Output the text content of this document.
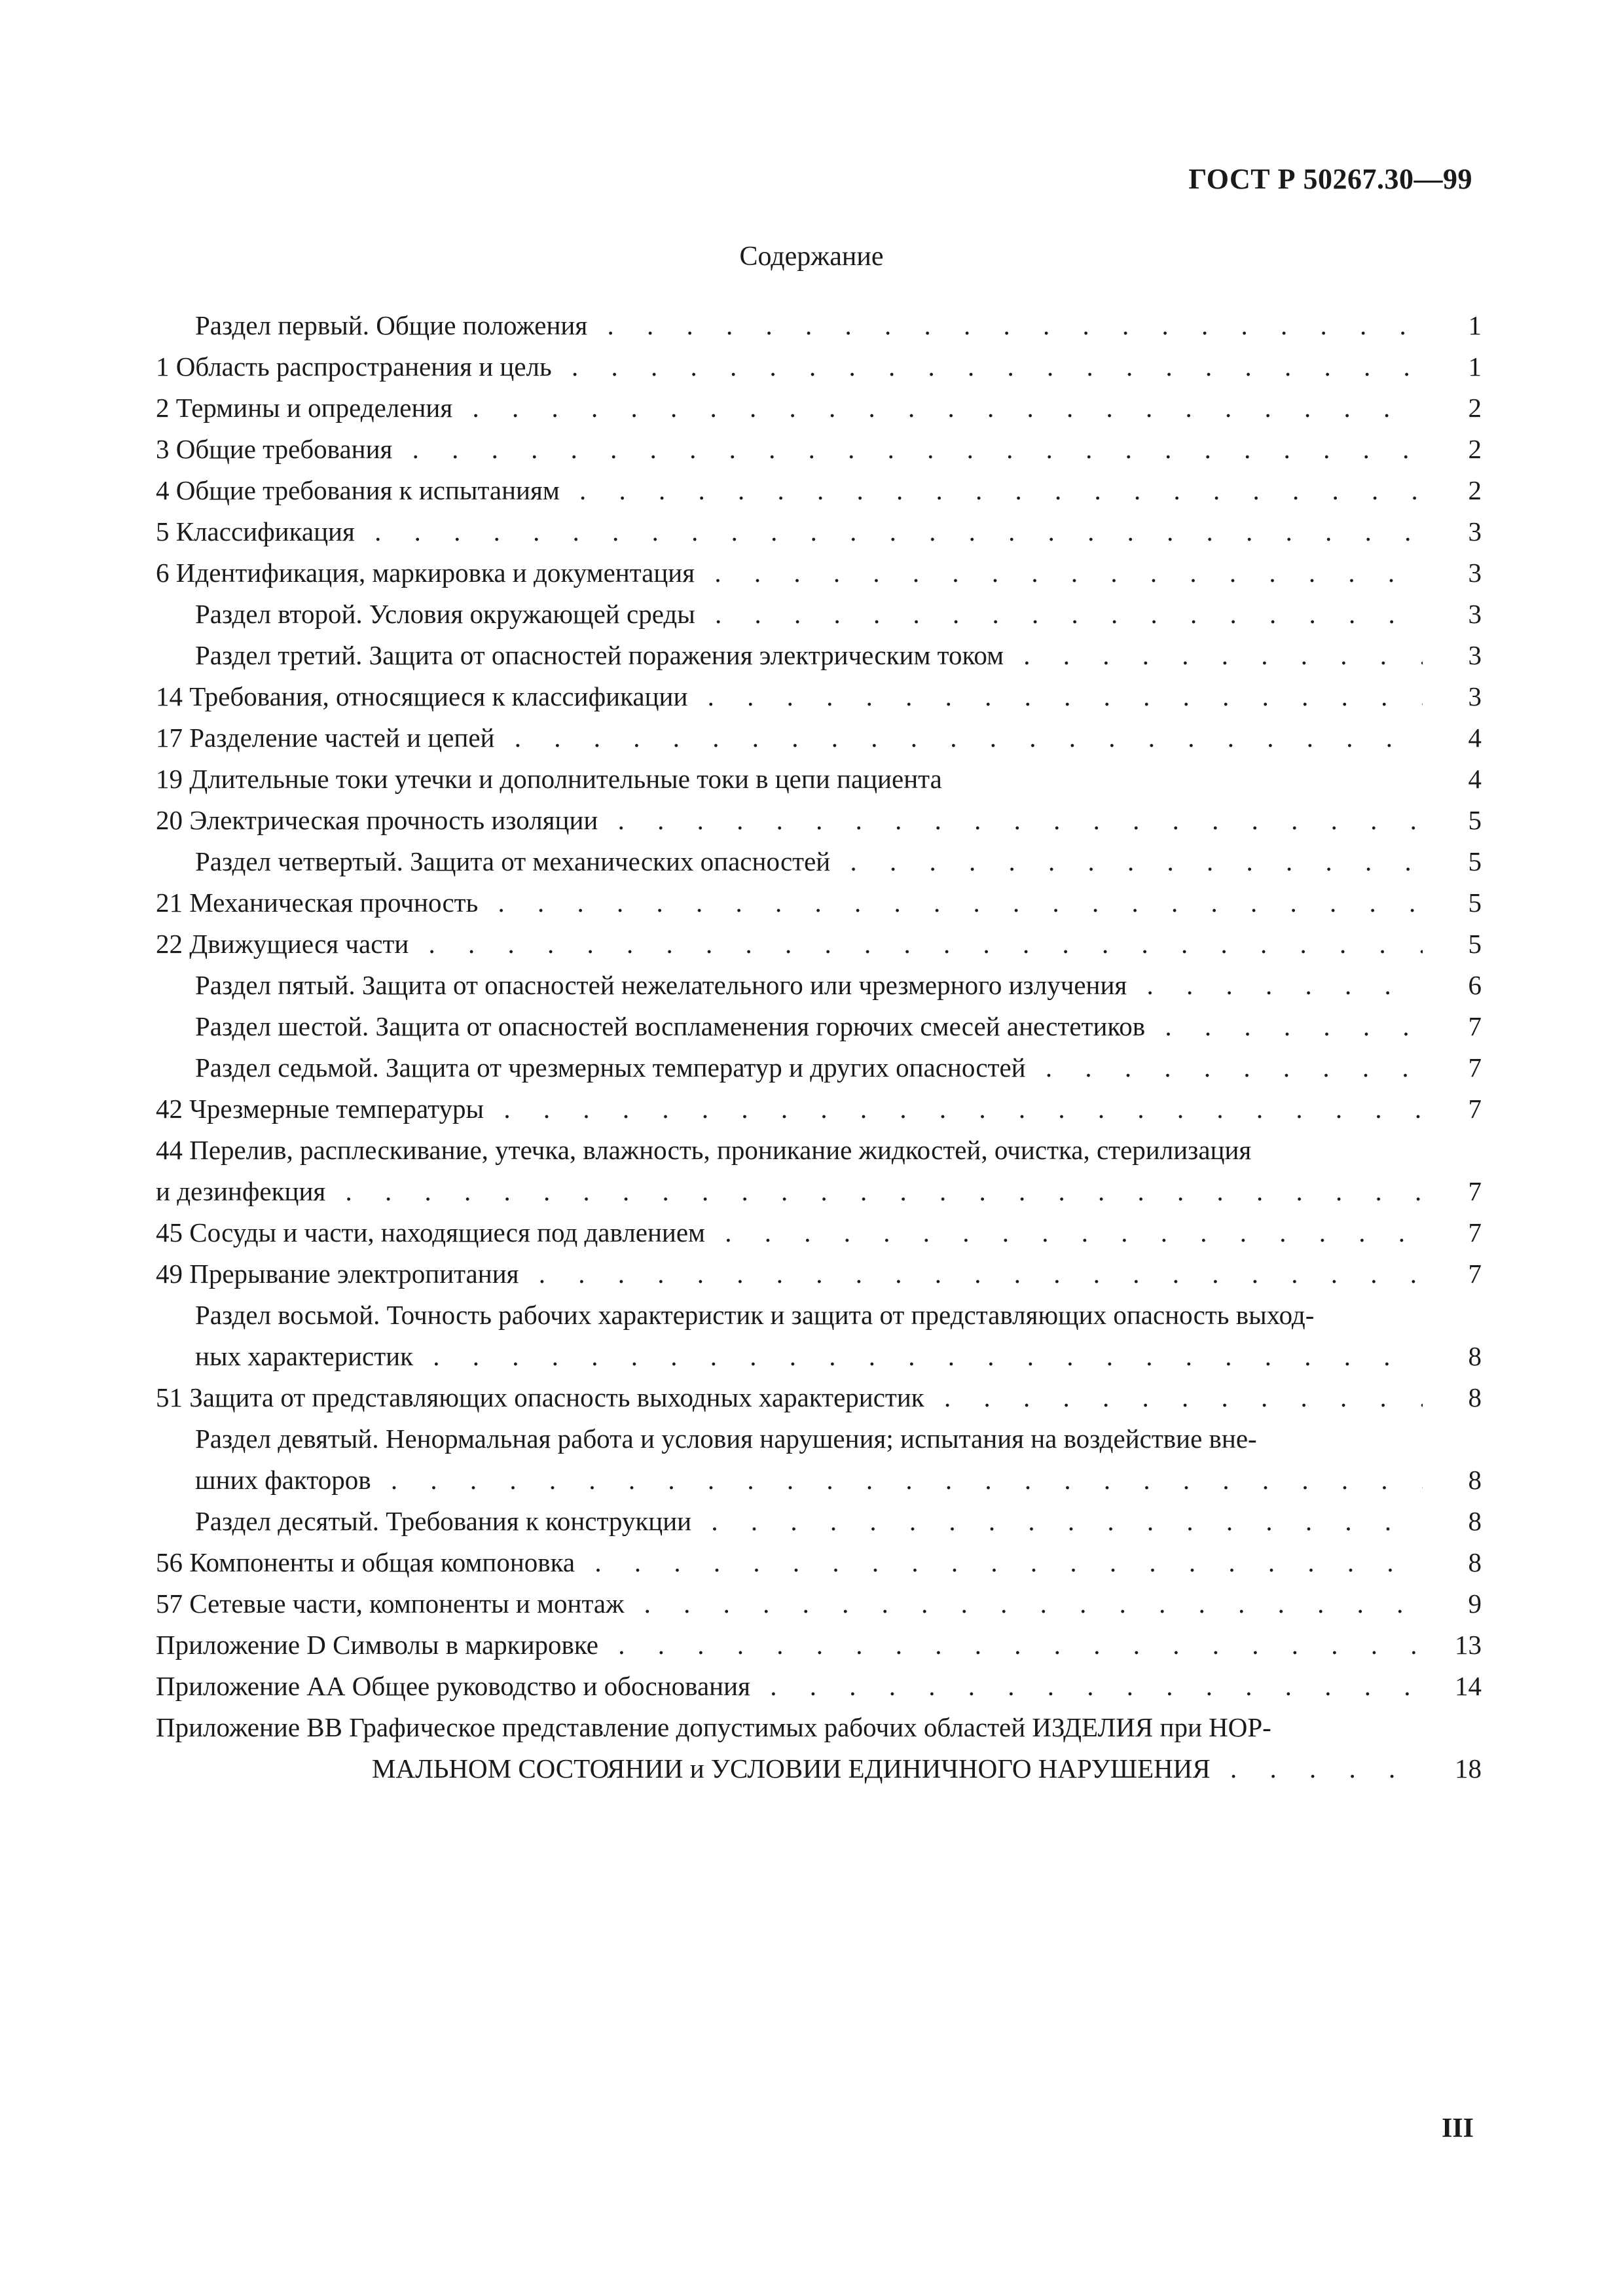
ГОСТ Р 50267.30—99
Содержание
Раздел первый. Общие положения . . .	1
1 Область распространения и цель . . .	1
2 Термины и определения . . .	2
3 Общие требования . . .	2
4 Общие требования к испытаниям . . .	2
5 Классификация . . .	3
6 Идентификация, маркировка и документация . . .	3
Раздел второй. Условия окружающей среды . . .	3
Раздел третий. Защита от опасностей поражения электрическим током . . .	3
14 Требования, относящиеся к классификации . . .	3
17 Разделение частей и цепей . . .	4
19 Длительные токи утечки и дополнительные токи в цепи пациента	4
20 Электрическая прочность изоляции . . .	5
Раздел четвертый. Защита от механических опасностей . . .	5
21 Механическая прочность . . .	5
22 Движущиеся части . . .	5
Раздел пятый. Защита от опасностей нежелательного или чрезмерного излучения . . .	6
Раздел шестой. Защита от опасностей воспламенения горючих смесей анестетиков . . .	7
Раздел седьмой. Защита от чрезмерных температур и других опасностей . . .	7
42 Чрезмерные температуры . . .	7
44 Перелив, расплескивание, утечка, влажность, проникание жидкостей, очистка, стерилизация
и дезинфекция . . .	7
45 Сосуды и части, находящиеся под давлением . . .	7
49 Прерывание электропитания . . .	7
Раздел восьмой. Точность рабочих характеристик и защита от представляющих опасность выход-
ных характеристик . . .	8
51 Защита от представляющих опасность выходных характеристик . . .	8
Раздел девятый. Ненормальная работа и условия нарушения; испытания на воздействие вне-
шних факторов . . .	8
Раздел десятый. Требования к конструкции . . .	8
56 Компоненты и общая компоновка . . .	8
57 Сетевые части, компоненты и монтаж . . .	9
Приложение D Символы в маркировке . . .	13
Приложение АА Общее руководство и обоснования . . .	14
Приложение ВВ Графическое представление допустимых рабочих областей ИЗДЕЛИЯ при НОР-
МАЛЬНОМ СОСТОЯНИИ и УСЛОВИИ ЕДИНИЧНОГО НАРУШЕНИЯ . . .	18
III
